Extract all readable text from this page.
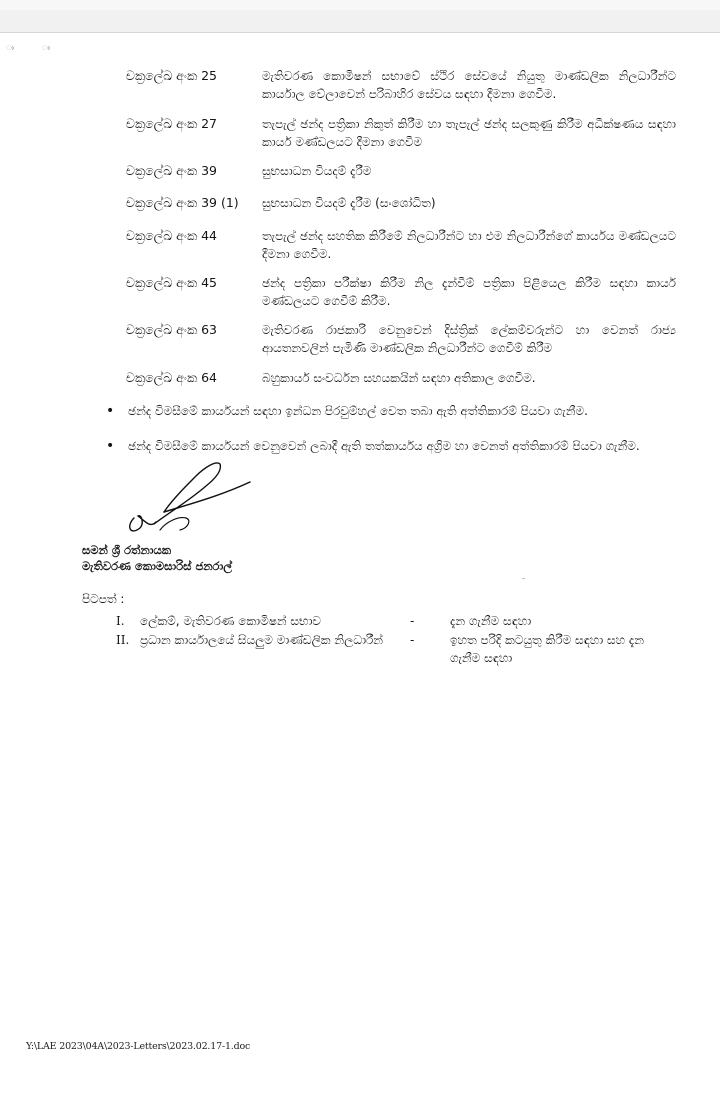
ා	ා
චක්‍රලේඛ අංක 25	මැතිවරණ කොමිෂන් සභාවේ ස්ථිර සේවයේ නියුතු මාණ්ඩලික නිලධාරීන්ට කාර්යාල වේලාවෙන් පරිබාහිර සේවය සඳහා දීමනා ගෙවීම.
චක්‍රලේඛ අංක 27	තැපැල් ඡන්ද පත්‍රිකා නිකුත් කිරීම හා තැපැල් ඡන්ද සලකුණු කිරීම අධීක්ෂණය සඳහා කාර්ය මණ්ඩලයට දීමනා ගෙවීම
චක්‍රලේඛ අංක 39	සුභසාධන වියදම් දැරීම
චක්‍රලේඛ අංක 39 (1)	සුභසාධන වියදම් දැරීම (සංශෝධිත)
චක්‍රලේඛ අංක 44	තැපැල් ඡන්ද සහතික කිරීමේ නිලධාරීන්ට හා එම නිලධාරීන්ගේ කාර්යය මණ්ඩලයට දීමනා ගෙවීම.
චක්‍රලේඛ අංක 45	ඡන්ද පත්‍රිකා පරීක්ෂා කිරීම නිල දැන්වීම් පත්‍රිකා පිළියෙල කිරීම සඳහා කාර්ය මණ්ඩලයට ගෙවීම් කිරීම.
චක්‍රලේඛ අංක 63	මැතිවරණ රාජකාරි වෙනුවෙන් දිස්ත්‍රික් ලේකම්වරුන්ට හා වෙනත් රාජ්‍ය ආයතනවලින් පැමිණි මාණ්ඩලික නිලධාරීන්ට ගෙවීම් කිරීම
චක්‍රලේඛ අංක 64	බහුකාර්ය සංවර්ධන සහයකයින් සඳහා අතිකාල ගෙවීම.
•	ඡන්ද විමසීමේ කාර්යයන් සඳහා ඉන්ධන පිරවුම්හල් වෙත තබා ඇති අත්තිකාරම් පියවා ගැනීම.
•	ඡන්ද විමසීමේ කාර්යයන් වෙනුවෙන් ලබාදී ඇති තත්කාර්යය අග්‍රිම හා වෙනත් අත්තිකාරම් පියවා ගැනීම.
සමන් ශ්‍රී රත්නායක
මැතිවරණ කොමසාරිස් ජනරාල්
පිටපත් :
I.	ලේකම්, මැතිවරණ කොමිෂන් සභාව	-	දැන ගැනීම සඳහා
II. ප්‍රධාන කාර්යාලයේ සියලුම මාණ්ඩලික නිලධාරීන්	-	ඉහත පරිදි කටයුතු කිරීම සඳහා සහ දැන ගැනීම සඳහා
Y:\LAE 2023\04A\2023-Letters\2023.02.17-1.doc
